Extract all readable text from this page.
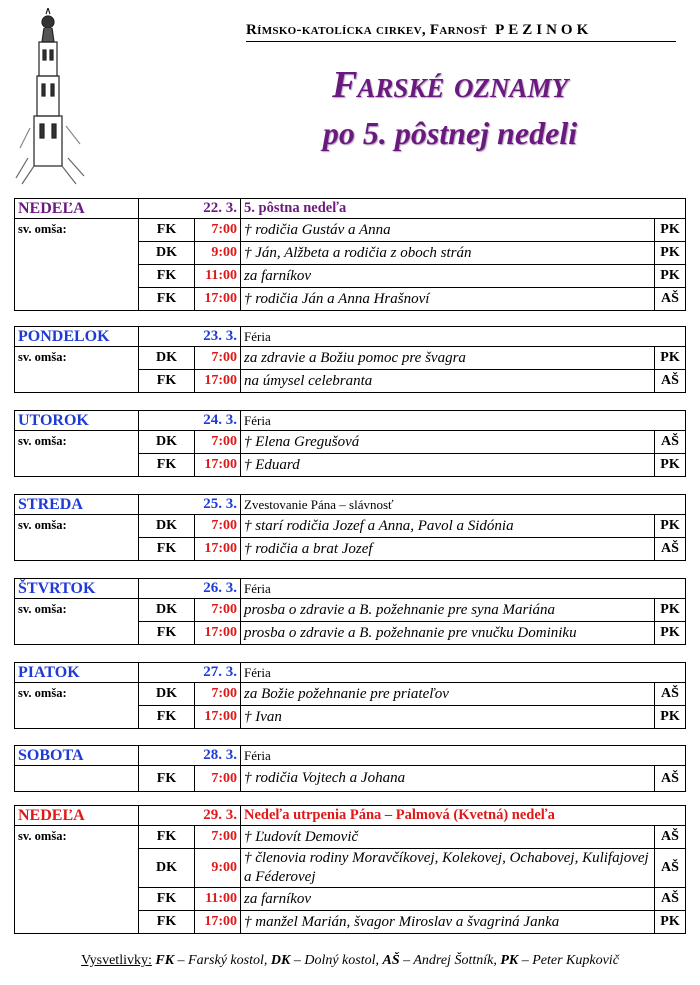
Rímsko-katolícka cirkev, Farnosť PEZINOK
Farské oznamy
po 5. pôstnej nedeli
NEDEĽA	22. 3.		5. pôstna nedeľa	
sv. omša:	FK	7:00	† rodičia Gustáv a Anna	PK
	DK	9:00	† Ján, Alžbeta a rodičia z oboch strán	PK
	FK	11:00	za farníkov	PK
	FK	17:00	† rodičia Ján a Anna Hrašnoví	AŠ
PONDELOK	23. 3.		Féria	
sv. omša:	DK	7:00	za zdravie a Božiu pomoc pre švagra	PK
	FK	17:00	na úmysel celebranta	AŠ
UTOROK	24. 3.		Féria	
sv. omša:	DK	7:00	† Elena Gregušová	AŠ
	FK	17:00	† Eduard	PK
STREDA	25. 3.		Zvestovanie Pána – slávnosť	
sv. omša:	DK	7:00	† starí rodičia Jozef a Anna, Pavol a Sidónia	PK
	FK	17:00	† rodičia a brat Jozef	AŠ
ŠTVRTOK	26. 3.		Féria	
sv. omša:	DK	7:00	prosba o zdravie a B. požehnanie pre syna Mariána	PK
	FK	17:00	prosba o zdravie a B. požehnanie pre vnučku Dominiku	PK
PIATOK	27. 3.		Féria	
sv. omša:	DK	7:00	za Božie požehnanie pre priateľov	AŠ
	FK	17:00	† Ivan	PK
SOBOTA	28. 3.		Féria	
	FK	7:00	† rodičia Vojtech a Johana	AŠ
NEDEĽA	29. 3.		Nedeľa utrpenia Pána – Palmová (Kvetná) nedeľa	
sv. omša:	FK	7:00	† Ľudovít Demovič	AŠ
	DK	9:00	† členovia rodiny Moravčíkovej, Kolekovej, Ochabovej, Kulifajovej a Féderovej	AŠ
	FK	11:00	za farníkov	AŠ
	FK	17:00	† manžel Marián, švagor Miroslav a švagriná Janka	PK
Vysvetlivky: FK – Farský kostol, DK – Dolný kostol, AŠ – Andrej Šottník, PK – Peter Kupkovič
